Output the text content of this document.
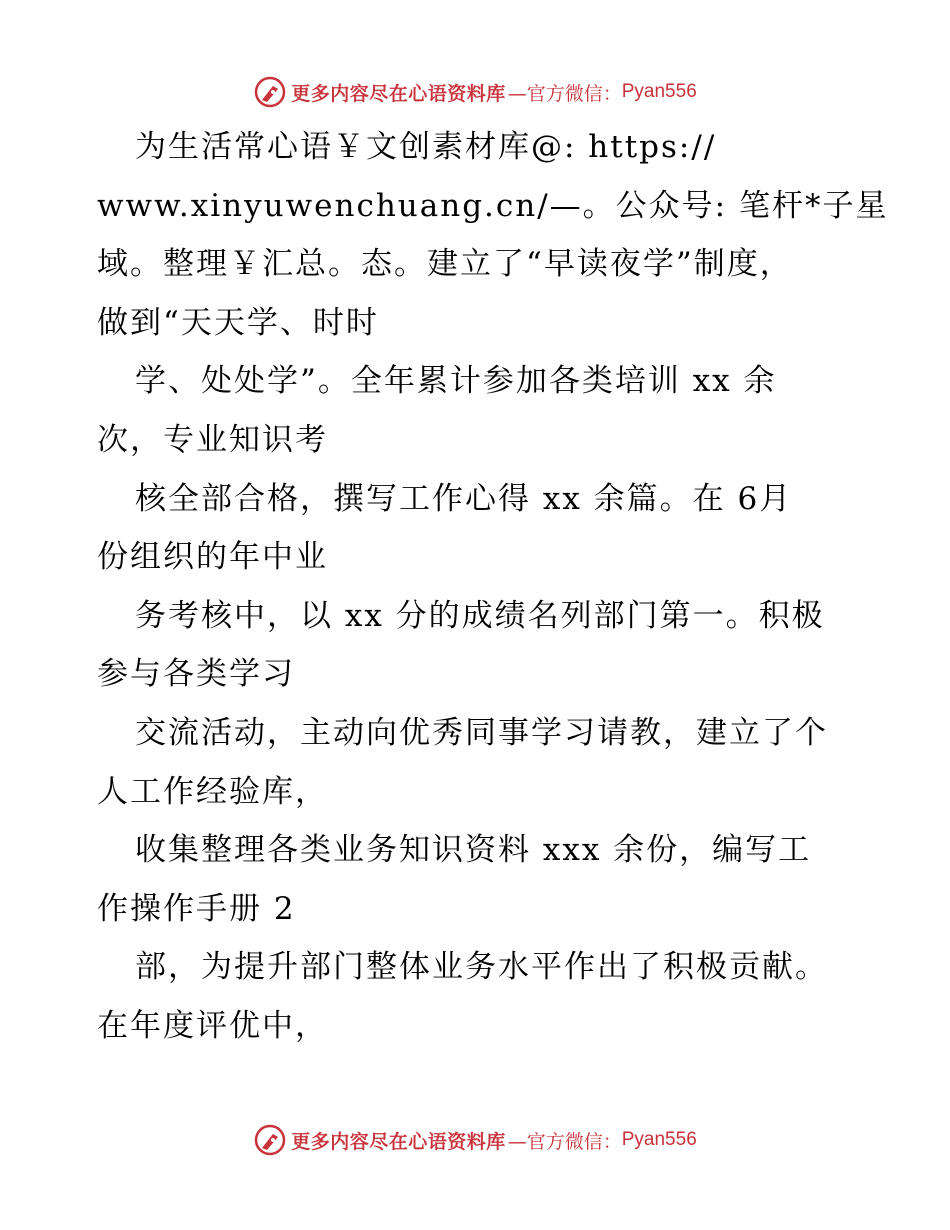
更多内容尽在心语资料库 —官方微信： Pyan556
为生活常心语￥文创素材库@: https://
www.xinyuwenchuang.cn/—。公众号: 笔杆*子星
域。整理￥汇总。态。建立了“早读夜学”制度，
做到“天天学、时时
学、处处学”。全年累计参加各类培训 xx 余
次，专业知识考
核全部合格，撰写工作心得 xx 余篇。在 6月
份组织的年中业
务考核中，以 xx 分的成绩名列部门第一。积极
参与各类学习
交流活动，主动向优秀同事学习请教，建立了个
人工作经验库，
收集整理各类业务知识资料 xxx 余份，编写工
作操作手册 2
部，为提升部门整体业务水平作出了积极贡献。
在年度评优中，
更多内容尽在心语资料库 —官方微信： Pyan556
